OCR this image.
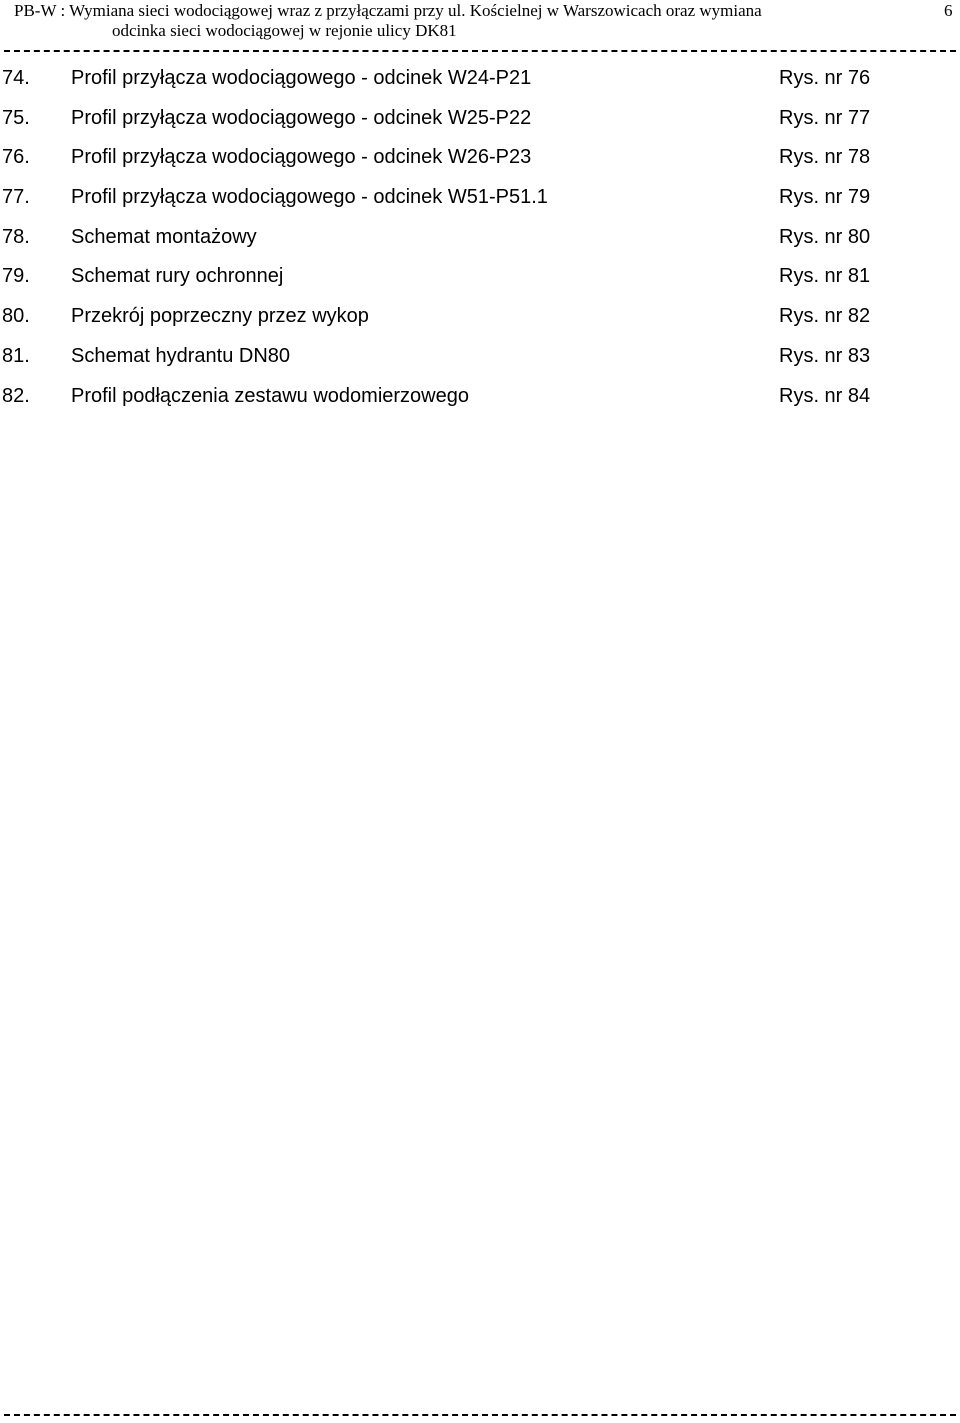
PB-W : Wymiana sieci wodociągowej wraz z przyłączami przy ul. Kościelnej w Warszowicach oraz wymiana
odcinka sieci wodociągowej w rejonie ulicy DK81
6
74. Profil przyłącza wodociągowego - odcinek W24-P21	Rys. nr 76
75. Profil przyłącza wodociągowego - odcinek W25-P22	Rys. nr 77
76. Profil przyłącza wodociągowego - odcinek W26-P23	Rys. nr 78
77. Profil przyłącza wodociągowego - odcinek W51-P51.1	Rys. nr 79
78. Schemat montażowy	Rys. nr 80
79. Schemat rury ochronnej	Rys. nr 81
80. Przekrój poprzeczny przez wykop	Rys. nr 82
81. Schemat hydrantu DN80	Rys. nr 83
82. Profil podłączenia zestawu wodomierzowego	Rys. nr 84
